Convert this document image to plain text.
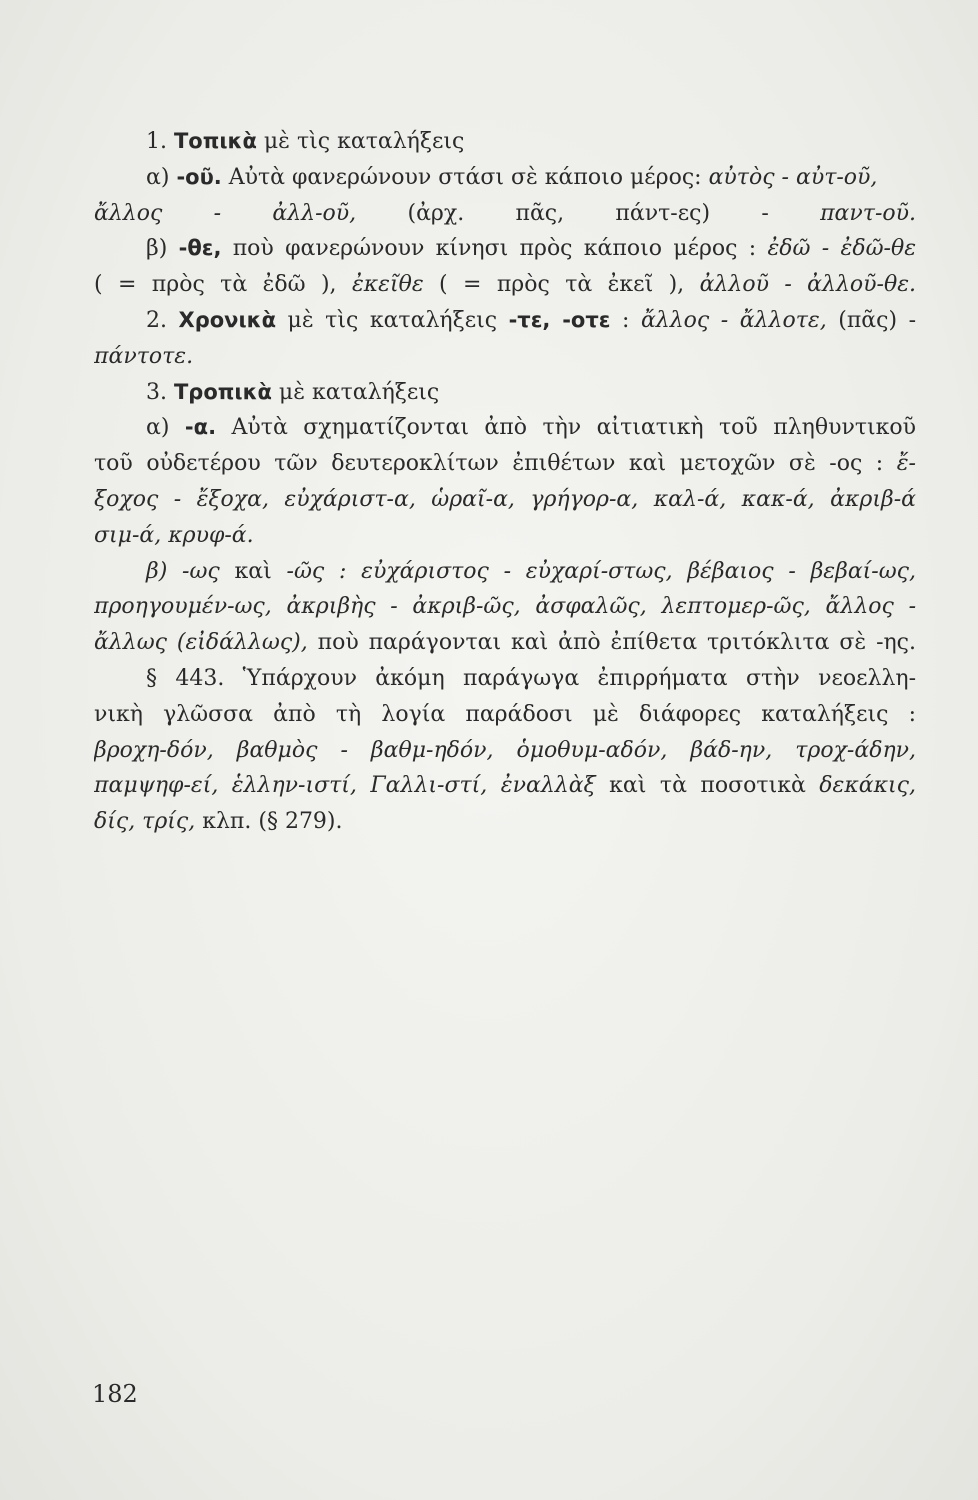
1. Τοπικὰ μὲ τὶς καταλήξεις
α) -οῦ. Αὐτὰ φανερώνουν στάσι σὲ κάποιο μέρος: αὐτὸς - αὐτ-οῦ,
ἄλλος - ἀλλ-οῦ, (ἀρχ. πᾶς, πάντ-ες) - παντ-οῦ.
β) -θε, ποὺ φανερώνουν κίνησι πρὸς κάποιο μέρος : ἐδῶ - ἐδῶ-θε
( = πρὸς τὰ ἐδῶ ), ἐκεῖθε ( = πρὸς τὰ ἐκεῖ ), ἀλλοῦ - ἀλλοῦ-θε.
2. Χρονικὰ μὲ τὶς καταλήξεις -τε, -οτε : ἄλλος - ἄλλοτε, (πᾶς) -
πάντοτε.
3. Τροπικὰ μὲ καταλήξεις
α) -α. Αὐτὰ σχηματίζονται ἀπὸ τὴν αἰτιατικὴ τοῦ πληθυντικοῦ
τοῦ οὐδετέρου τῶν δευτεροκλίτων ἐπιθέτων καὶ μετοχῶν σὲ -ος : ἔ-
ξοχος - ἔξοχα, εὐχάριστ-α, ὡραῖ-α, γρήγορ-α, καλ-ά, κακ-ά, ἀκριβ-ά
σιμ-ά, κρυφ-ά.
β) -ως καὶ -ῶς : εὐχάριστος - εὐχαρί-στως, βέβαιος - βεβαί-ως,
προηγουμέν-ως, ἀκριβὴς - ἀκριβ-ῶς, ἀσφαλῶς, λεπτομερ-ῶς, ἄλλος -
ἄλλως (εἰδάλλως), ποὺ παράγονται καὶ ἀπὸ ἐπίθετα τριτόκλιτα σὲ -ης.
§ 443. Ὑπάρχουν ἀκόμη παράγωγα ἐπιρρήματα στὴν νεοελλη-
νικὴ γλῶσσα ἀπὸ τὴ λογία παράδοσι μὲ διάφορες καταλήξεις :
βροχη-δόν, βαθμὸς - βαθμ-ηδόν, ὁμοθυμ-αδόν, βάδ-ην, τροχ-άδην,
παμψηφ-εί, ἑλλην-ιστί, Γαλλι-στί, ἐναλλὰξ καὶ τὰ ποσοτικὰ δεκάκις,
δίς, τρίς, κλπ. (§ 279).
182
